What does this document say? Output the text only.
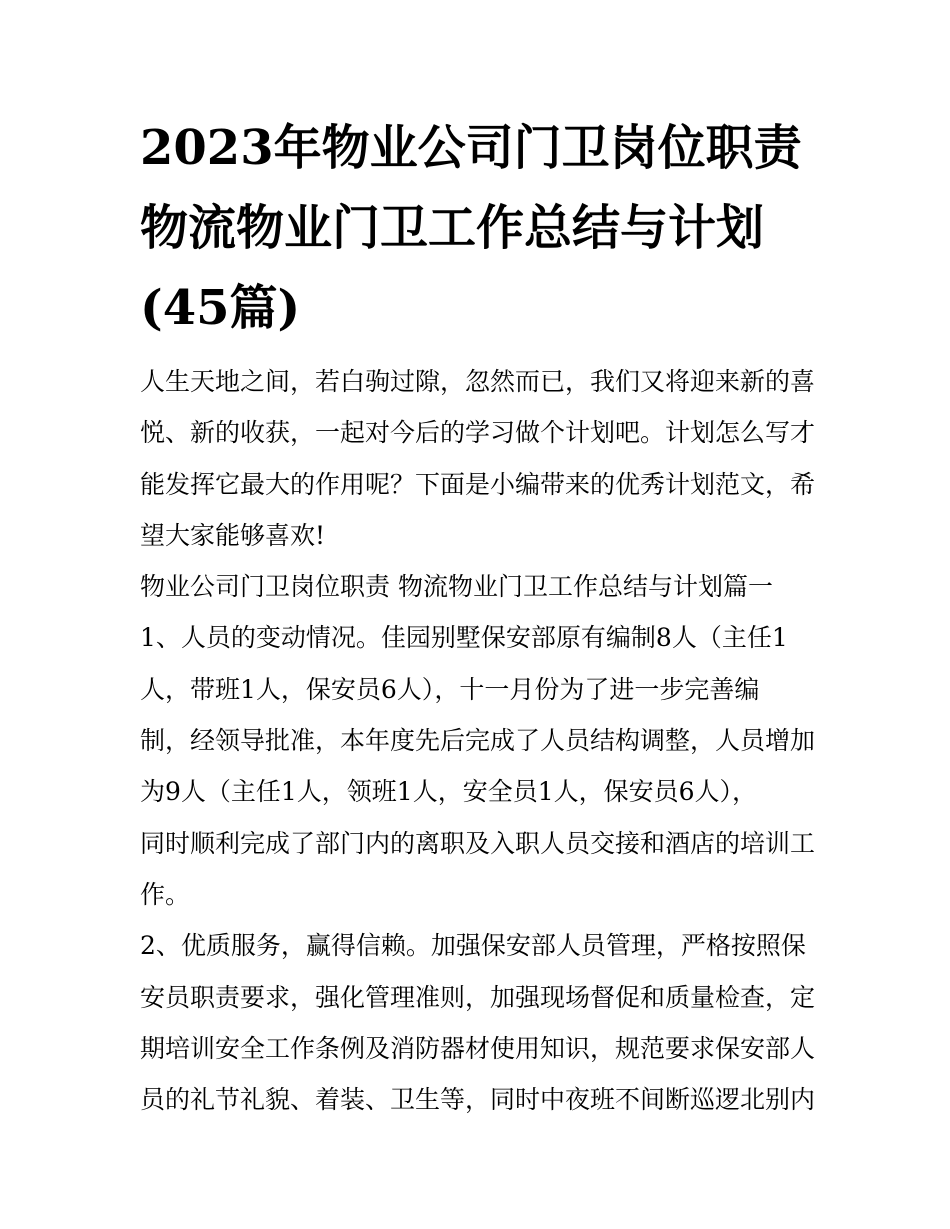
2023年物业公司门卫岗位职责
物流物业门卫工作总结与计划
(45篇)
人生天地之间，若白驹过隙，忽然而已，我们又将迎来新的喜
悦、新的收获，一起对今后的学习做个计划吧。计划怎么写才
能发挥它最大的作用呢？下面是小编带来的优秀计划范文，希
望大家能够喜欢!
物业公司门卫岗位职责 物流物业门卫工作总结与计划篇一
1、人员的变动情况。佳园别墅保安部原有编制8人（主任1
人，带班1人，保安员6人），十一月份为了进一步完善编
制，经领导批准，本年度先后完成了人员结构调整，人员增加
为9人（主任1人，领班1人，安全员1人，保安员6人），
同时顺利完成了部门内的离职及入职人员交接和酒店的培训工
作。
2、优质服务，赢得信赖。加强保安部人员管理，严格按照保
安员职责要求，强化管理准则，加强现场督促和质量检查，定
期培训安全工作条例及消防器材使用知识，规范要求保安部人
员的礼节礼貌、着装、卫生等，同时中夜班不间断巡逻北别内
